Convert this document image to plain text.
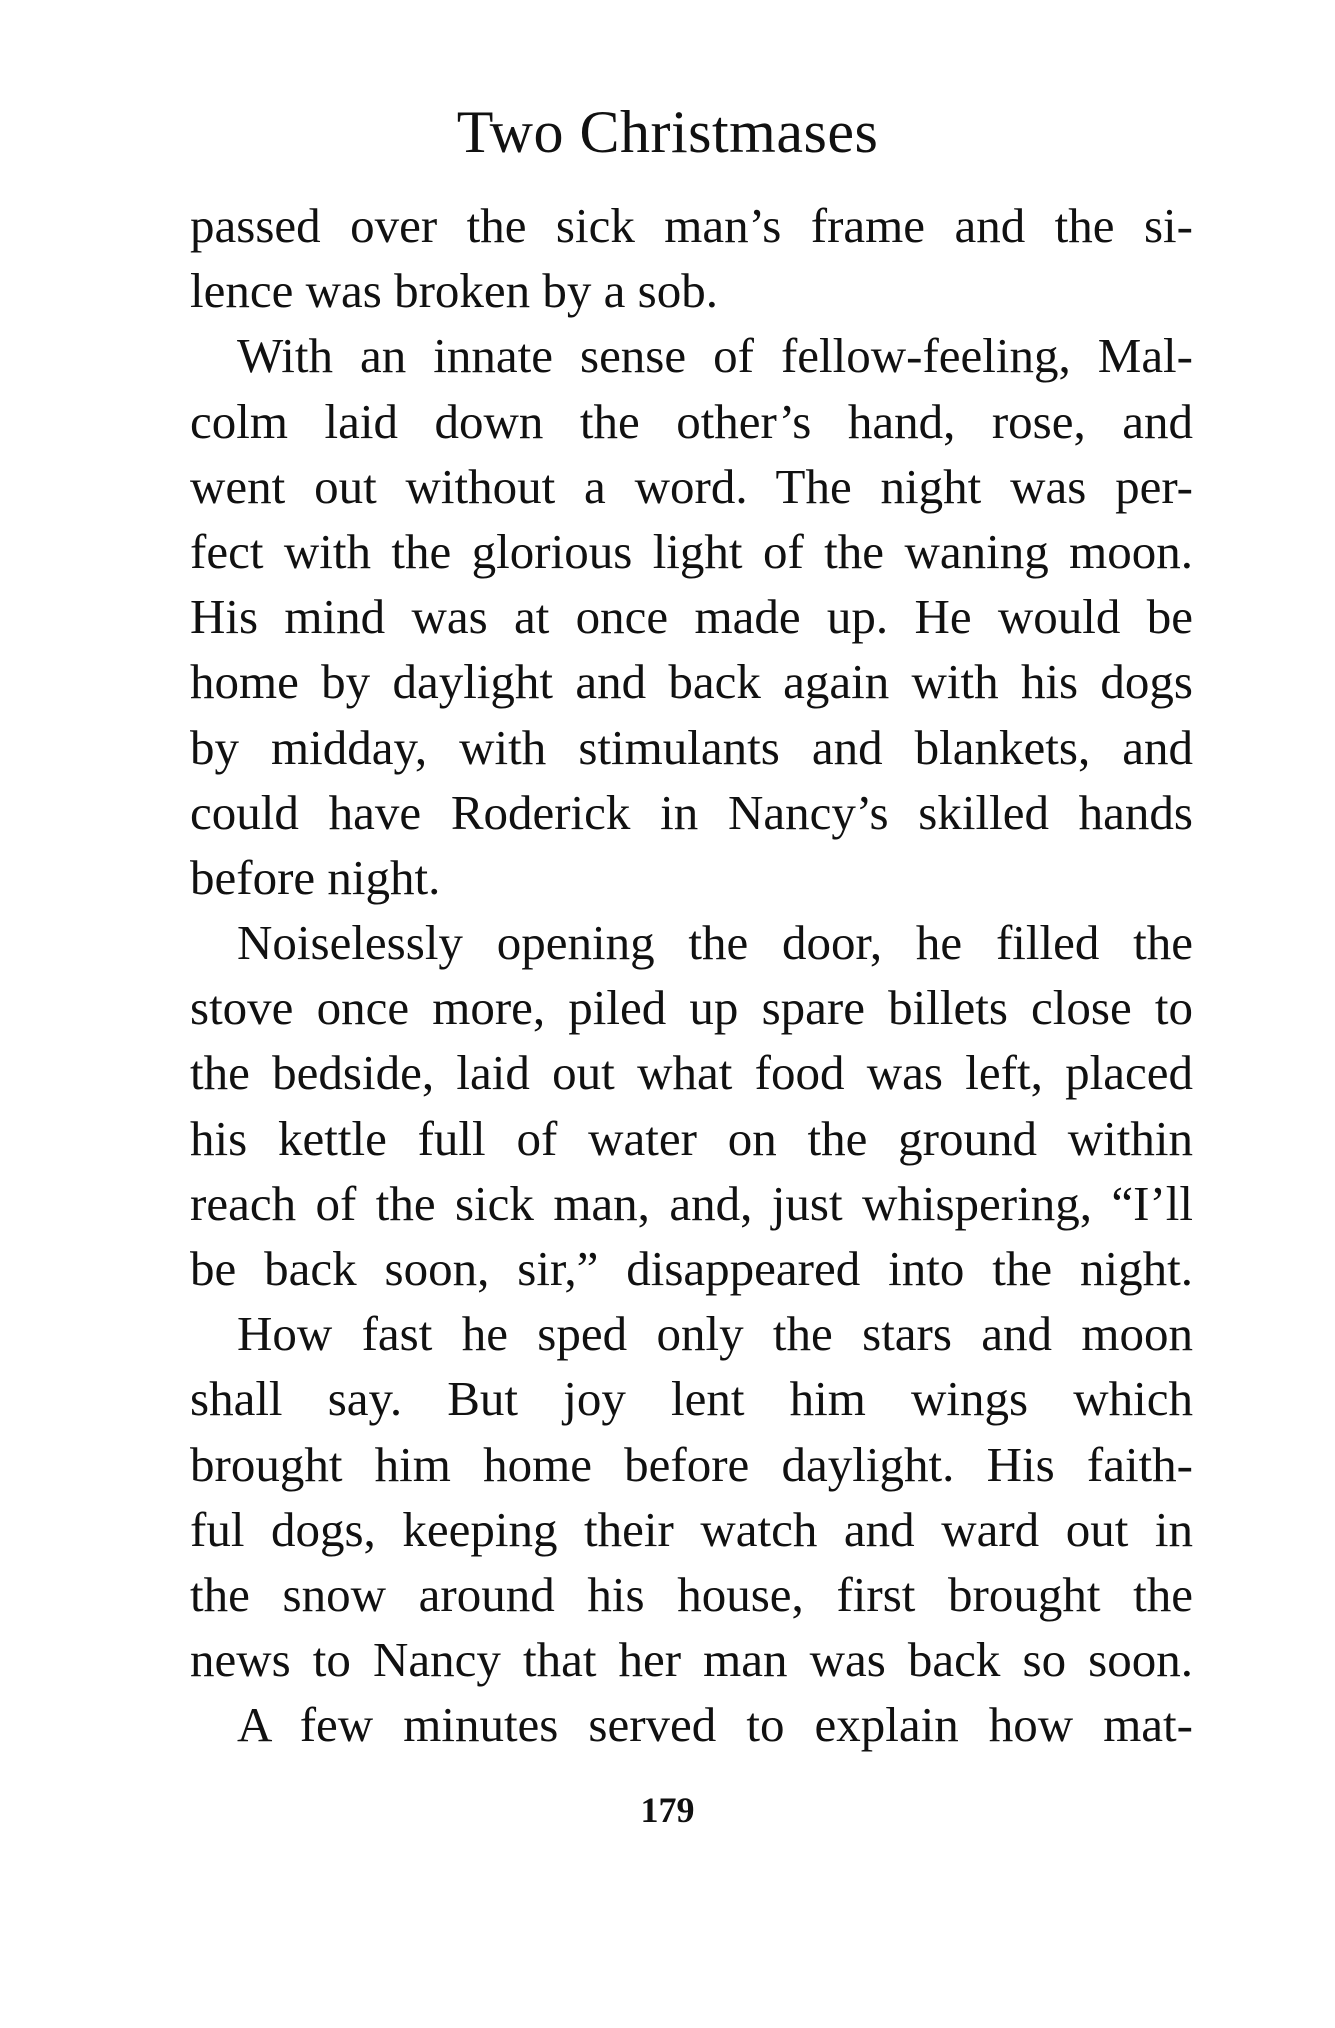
Two Christmases
passed over the sick man’s frame and the si-
lence was broken by a sob.
With an innate sense of fellow-feeling, Mal-
colm laid down the other’s hand, rose, and
went out without a word. The night was per-
fect with the glorious light of the waning moon.
His mind was at once made up. He would be
home by daylight and back again with his dogs
by midday, with stimulants and blankets, and
could have Roderick in Nancy’s skilled hands
before night.
Noiselessly opening the door, he filled the
stove once more, piled up spare billets close to
the bedside, laid out what food was left, placed
his kettle full of water on the ground within
reach of the sick man, and, just whispering, “I’ll
be back soon, sir,” disappeared into the night.
How fast he sped only the stars and moon
shall say. But joy lent him wings which
brought him home before daylight. His faith-
ful dogs, keeping their watch and ward out in
the snow around his house, first brought the
news to Nancy that her man was back so soon.
A few minutes served to explain how mat-
179
